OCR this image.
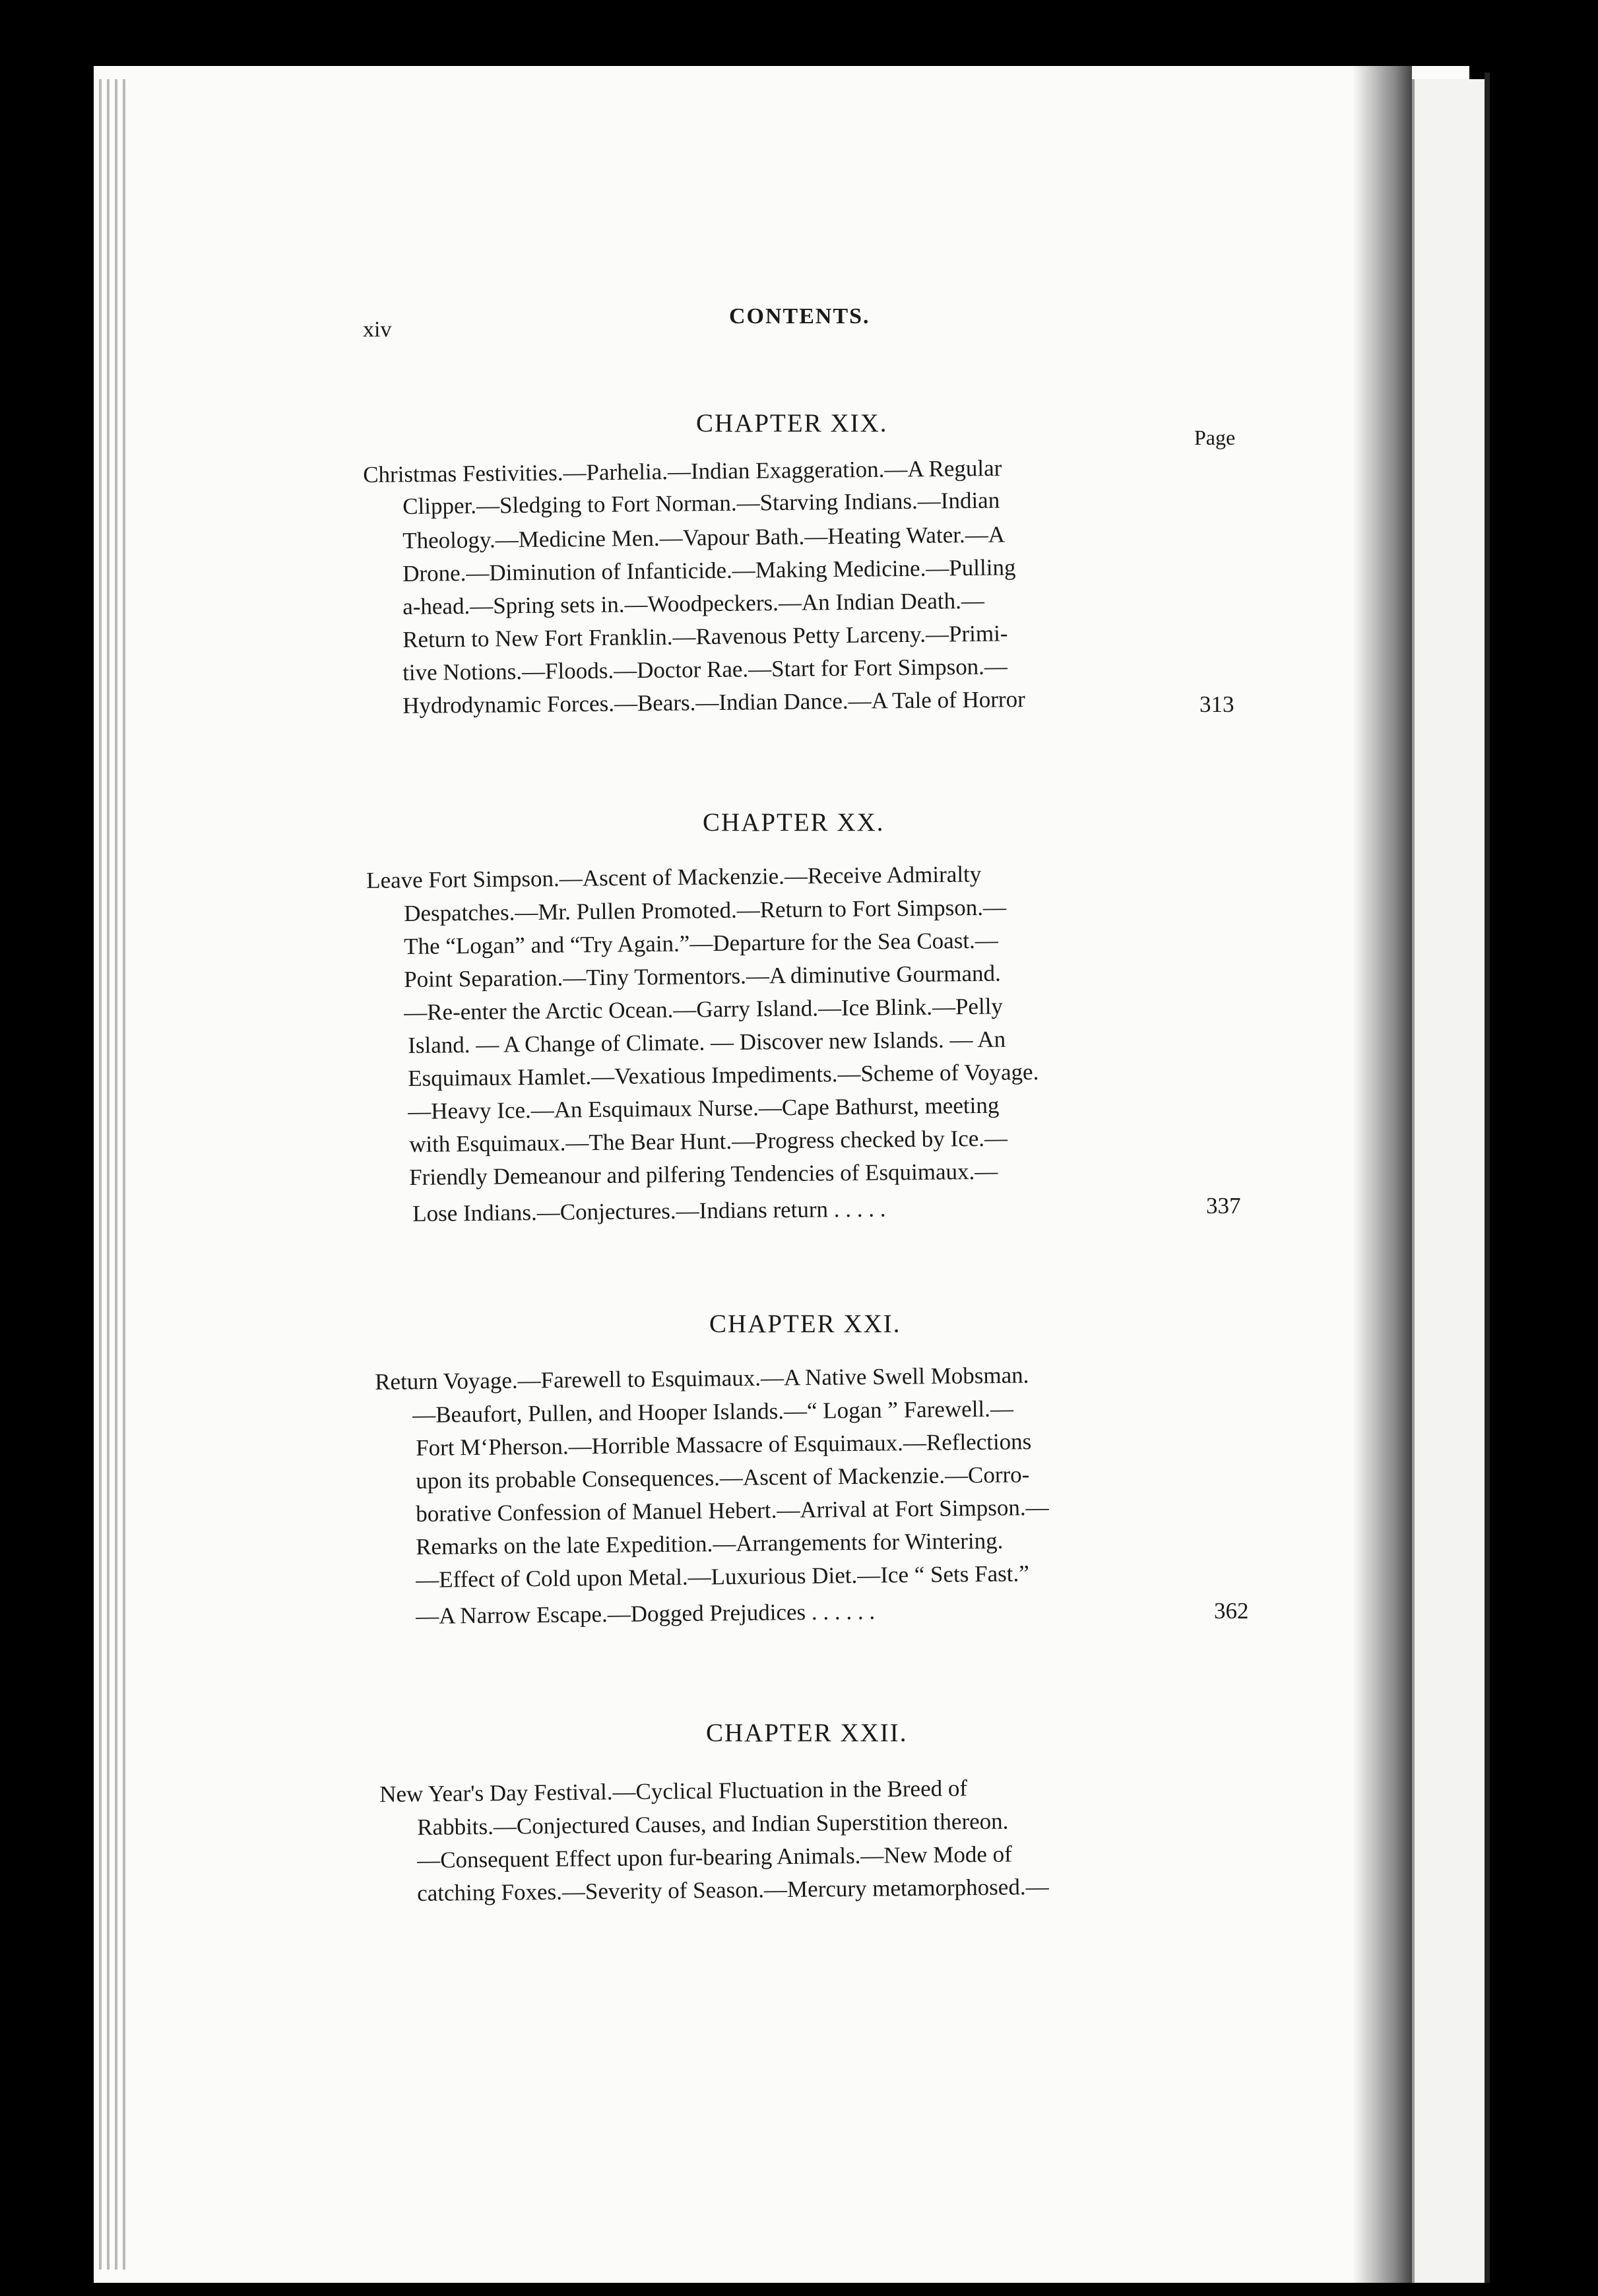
xiv
CONTENTS.
CHAPTER XIX.	Page
Christmas Festivities.—Parhelia.—Indian Exaggeration.—A Regular
Clipper.—Sledging to Fort Norman.—Starving Indians.—Indian
Theology.—Medicine Men.—Vapour Bath.—Heating Water.—A
Drone.—Diminution of Infanticide.—Making Medicine.—Pulling
a-head.—Spring sets in.—Woodpeckers.—An Indian Death.—
Return to New Fort Franklin.—Ravenous Petty Larceny.—Primi-
tive Notions.—Floods.—Doctor Rae.—Start for Fort Simpson.—
Hydrodynamic Forces.—Bears.—Indian Dance.—A Tale of Horror	313
CHAPTER XX.
Leave Fort Simpson.—Ascent of Mackenzie.—Receive Admiralty
Despatches.—Mr. Pullen Promoted.—Return to Fort Simpson.—
The “Logan” and “Try Again.”—Departure for the Sea Coast.—
Point Separation.—Tiny Tormentors.—A diminutive Gourmand.
—Re-enter the Arctic Ocean.—Garry Island.—Ice Blink.—Pelly
Island. — A Change of Climate. — Discover new Islands. — An
Esquimaux Hamlet.—Vexatious Impediments.—Scheme of Voyage.
—Heavy Ice.—An Esquimaux Nurse.—Cape Bathurst, meeting
with Esquimaux.—The Bear Hunt.—Progress checked by Ice.—
Friendly Demeanour and pilfering Tendencies of Esquimaux.—
Lose Indians.—Conjectures.—Indians return . . . . .	337
CHAPTER XXI.
Return Voyage.—Farewell to Esquimaux.—A Native Swell Mobsman.
—Beaufort, Pullen, and Hooper Islands.—“ Logan ” Farewell.—
Fort M‘Pherson.—Horrible Massacre of Esquimaux.—Reflections
upon its probable Consequences.—Ascent of Mackenzie.—Corro-
borative Confession of Manuel Hebert.—Arrival at Fort Simpson.—
Remarks on the late Expedition.—Arrangements for Wintering.
—Effect of Cold upon Metal.—Luxurious Diet.—Ice “ Sets Fast.”
—A Narrow Escape.—Dogged Prejudices . . . . . .	362
CHAPTER XXII.
New Year's Day Festival.—Cyclical Fluctuation in the Breed of
Rabbits.—Conjectured Causes, and Indian Superstition thereon.
—Consequent Effect upon fur-bearing Animals.—New Mode of
catching Foxes.—Severity of Season.—Mercury metamorphosed.—
